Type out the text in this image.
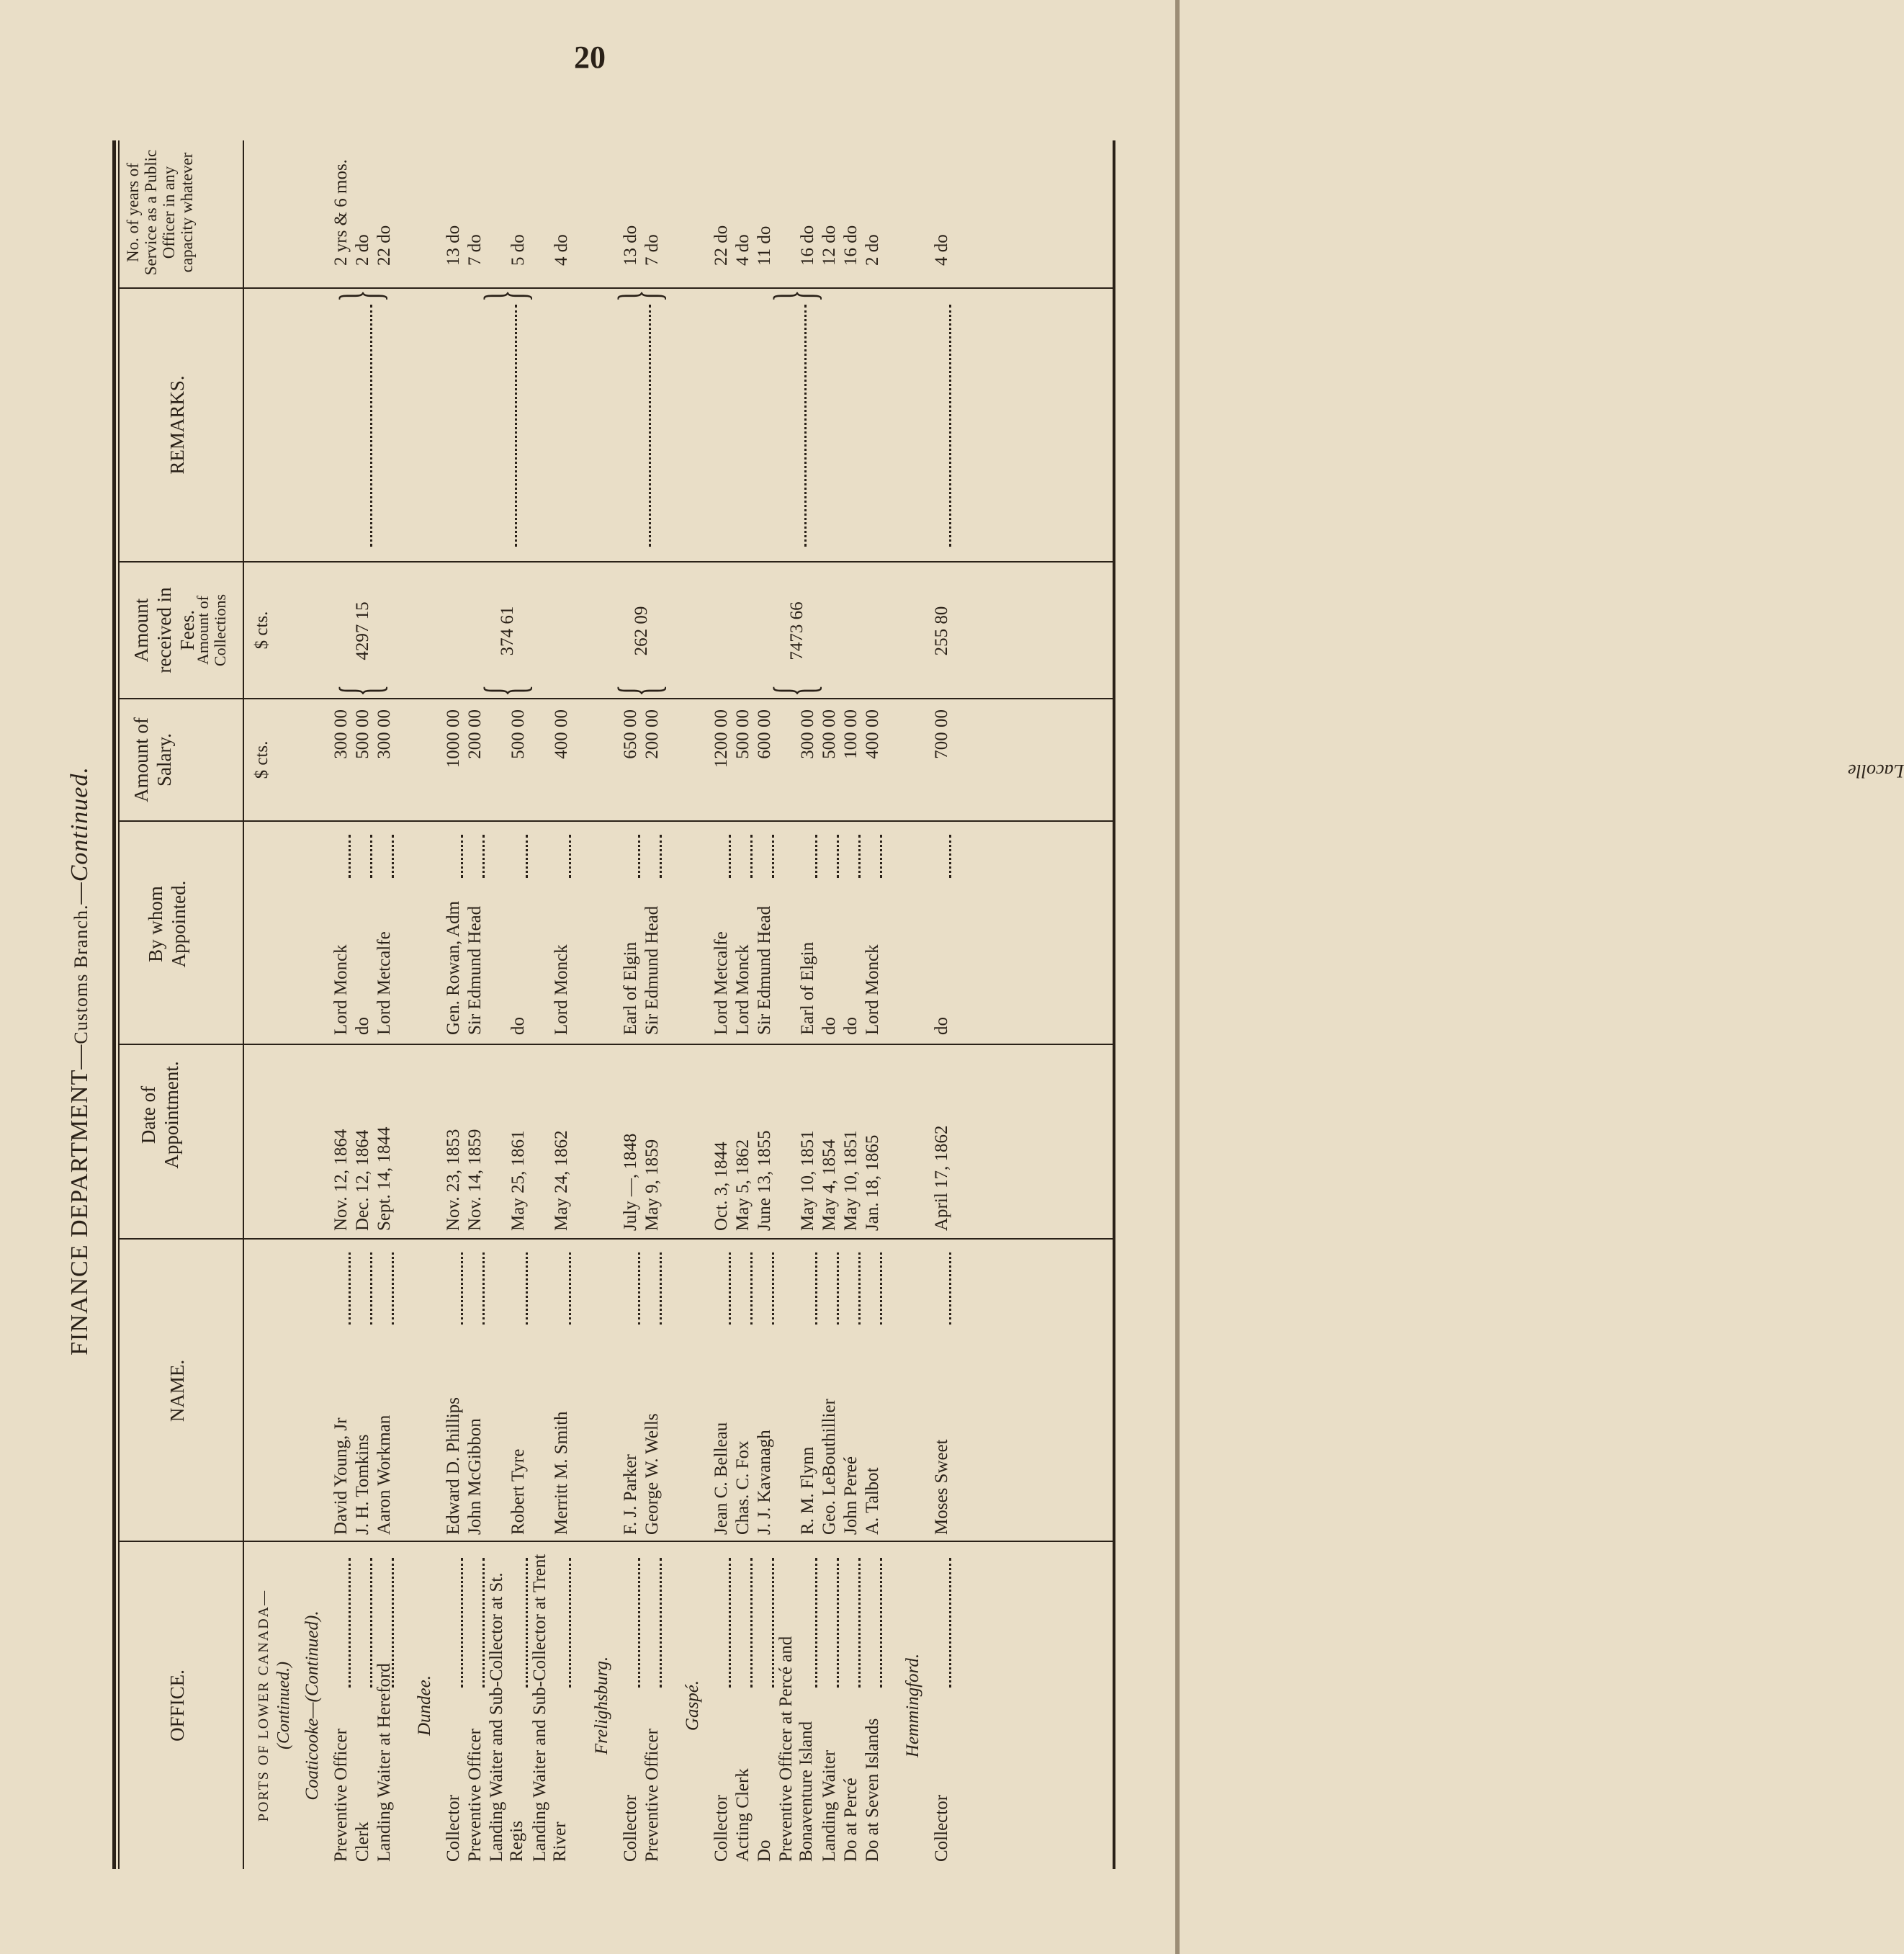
20
FINANCE DEPARTMENT—Customs Branch.—Continued.
OFFICE.
NAME.
Date of Appointment.
By whom Appointed.
Amount of Salary.
Amount received in Fees.
REMARKS.
No. of years of Service as a Public Officer in any capacity whatever
Amount of Collections
$ cts.
$ cts.
PORTS OF LOWER CANADA— (Continued.) Coaticooke—(Continued). Preventive Officer
David Young, Jr
Nov. 12, 1864
Lord Monck
300 00
2 yrs & 6 mos.
Clerk
J. H. Tomkins
Dec. 12, 1864
do
500 00
2 do
Landing Waiter at Hereford
Aaron Workman
Sept. 14, 1844
Lord Metcalfe
300 00
22 do
4297 15
{
}
Dundee.
Collector
Edward D. Phillips
Nov. 23, 1853
Gen. Rowan, Adm
1000 00
13 do
Preventive Officer
John McGibbon
Nov. 14, 1859
Sir Edmund Head
200 00
7 do
Landing Waiter and Sub-Collector at St. Regis
Robert Tyre
May 25, 1861
do
500 00
5 do
Landing Waiter and Sub-Collector at Trent River
Merritt M. Smith
May 24, 1862
Lord Monck
400 00
4 do
374 61
{
}
Frelighsburg.
Collector
F. J. Parker
July —, 1848
Earl of Elgin
650 00
13 do
Preventive Officer
George W. Wells
May 9, 1859
Sir Edmund Head
200 00
7 do
262 09
{
}
Gaspé.
Collector
Jean C. Belleau
Oct. 3, 1844
Lord Metcalfe
1200 00
22 do
Acting Clerk
Chas. C. Fox
May 5, 1862
Lord Monck
500 00
4 do
Do
J. J. Kavanagh
June 13, 1855
Sir Edmund Head
600 00
11 do
Preventive Officer at Percé and Bonaventure Island
R. M. Flynn
May 10, 1851
Earl of Elgin
300 00
16 do
Landing Waiter
Geo. LeBouthillier
May 4, 1854
do
500 00
12 do
Do at Percé
John Pereé
May 10, 1851
do
100 00
16 do
Do at Seven Islands
A. Talbot
Jan. 18, 1865
Lord Monck
400 00
2 do
7473 66
{
}
Hemmingford.
Collector
Moses Sweet
April 17, 1862
do
700 00
4 do
255 80
Lacolle
